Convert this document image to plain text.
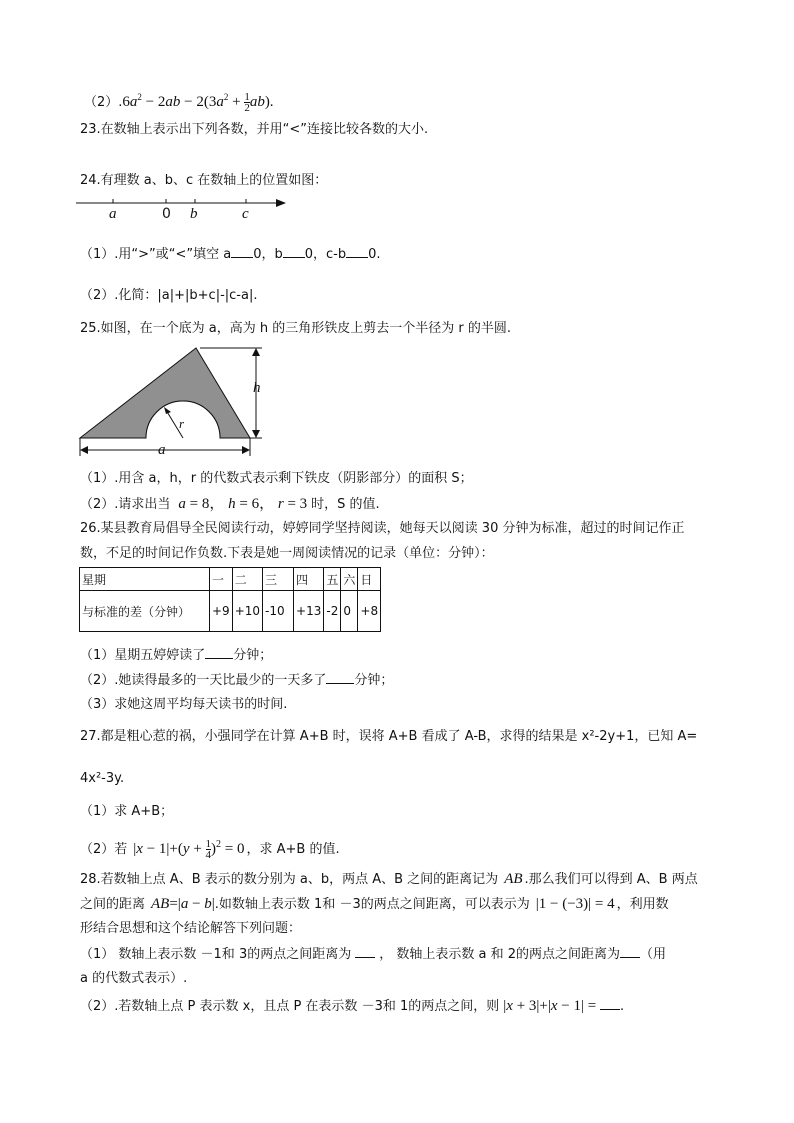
$(2).6a^2 - 2ab - 2(3a^2 + \frac{1}{2} ab)$.
23.在数轴上表示出下列各数，并用“<”连接比较各数的大小.
24.有理数 a、b、c 在数轴上的位置如图：
a	0 b	c
（1）.用“>”或“<”填空 a 0，b 0，c-b 0.
（2）.化简：|a|+|b+c|-|c-a|.
25.如图，在一个底为 a，高为 h 的三角形铁皮上剪去一个半径为 r 的半圆.
h
r
a
（1）.用含 a，h，r 的代数式表示剩下铁皮（阴影部分）的面积 S；
（2）.请求出当 a = 8， h = 6， r = 3 时，S 的值.
26.某县教育局倡导全民阅读行动，婷婷同学坚持阅读，她每天以阅读 30 分钟为标准，超过的时间记作正
数，不足的时间记作负数.下表是她一周阅读情况的记录（单位：分钟）：
星期	一	二	三	四	五	六	日
与标准的差（分钟）	+9	+10	-10	+13	-2	0	+8
（1）星期五婷婷读了 分钟；
（2）.她读得最多的一天比最少的一天多了 分钟；
（3）求她这周平均每天读书的时间.
27.都是粗心惹的祸，小强同学在计算 A+B 时，误将 A+B 看成了 A-B，求得的结果是 x²-2y+1，已知 A=
4x²-3y.
（1）求 A+B；
（2）若 $|x - 1|+(y + \frac{1}{4} )^2 = 0$ ，求 A+B 的值.
28.若数轴上点 A、B 表示的数分别为 a、b，两点 A、B 之间的距离记为 AB .那么我们可以得到 A、B 两点
之间的距离 AB=|a − b|.如数轴上表示数 1和 －3的两点之间距离，可以表示为 |1 − (−3)| = 4 ，利用数
形结合思想和这个结论解答下列问题：
（1） 数轴上表示数 －1和 3的两点之间距离为 ， 数轴上表示数 a 和 2的两点之间距离为 （用
a 的代数式表示）.
（2）.若数轴上点 P 表示数 x，且点 P 在表示数 －3和 1的两点之间，则 |x + 3|+|x − 1| = .
